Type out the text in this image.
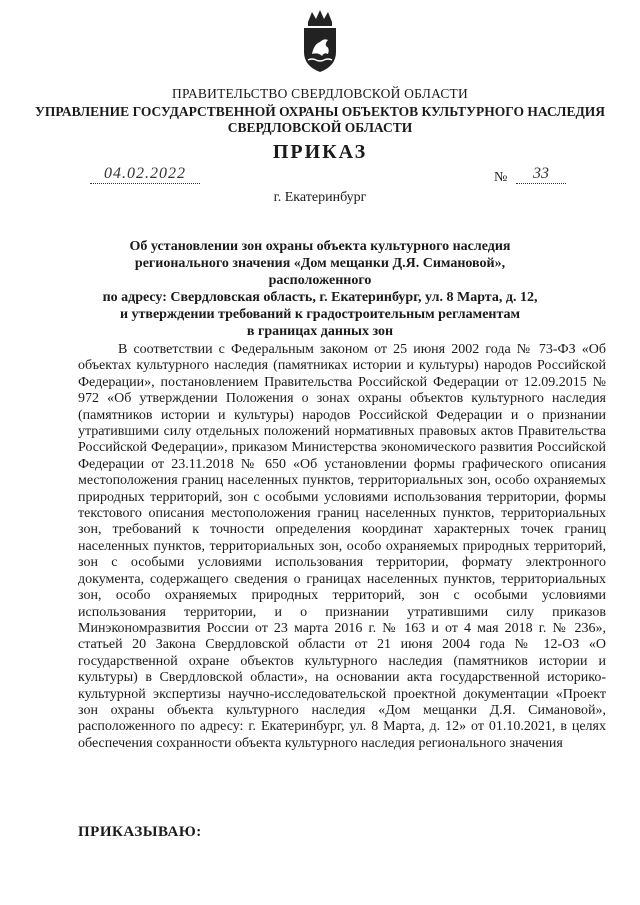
ПРАВИТЕЛЬСТВО СВЕРДЛОВСКОЙ ОБЛАСТИ
УПРАВЛЕНИЕ ГОСУДАРСТВЕННОЙ ОХРАНЫ ОБЪЕКТОВ КУЛЬТУРНОГО НАСЛЕДИЯ
СВЕРДЛОВСКОЙ ОБЛАСТИ
ПРИКАЗ
04.02.2022	№	33
г. Екатеринбург
Об установлении зон охраны объекта культурного наследия
регионального значения «Дом мещанки Д.Я. Симановой», расположенного
по адресу: Свердловская область, г. Екатеринбург, ул. 8 Марта, д. 12,
и утверждении требований к градостроительным регламентам
в границах данных зон

В соответствии с Федеральным законом от 25 июня 2002 года № 73-ФЗ «Об объектах культурного наследия (памятниках истории и культуры) народов Российской Федерации», постановлением Правительства Российской Федерации от 12.09.2015 № 972 «Об утверждении Положения о зонах охраны объектов культурного наследия (памятников истории и культуры) народов Российской Федерации и о признании утратившими силу отдельных положений нормативных правовых актов Правительства Российской Федерации», приказом Министерства экономического развития Российской Федерации от 23.11.2018 № 650 «Об установлении формы графического описания местоположения границ населенных пунктов, территориальных зон, особо охраняемых природных территорий, зон с особыми условиями использования территории, формы текстового описания местоположения границ населенных пунктов, территориальных зон, требований к точности определения координат характерных точек границ населенных пунктов, территориальных зон, особо охраняемых природных территорий, зон с особыми условиями использования территории, формату электронного документа, содержащего сведения о границах населенных пунктов, территориальных зон, особо охраняемых природных территорий, зон с особыми условиями использования территории, и о признании утратившими силу приказов Минэкономразвития России от 23 марта 2016 г. № 163 и от 4 мая 2018 г. № 236», статьей 20 Закона Свердловской области от 21 июня 2004 года № 12-ОЗ «О государственной охране объектов культурного наследия (памятников истории и культуры) в Свердловской области», на основании акта государственной историко-культурной экспертизы научно-исследовательской проектной документации «Проект зон охраны объекта культурного наследия «Дом мещанки Д.Я. Симановой», расположенного по адресу: г. Екатеринбург, ул. 8 Марта, д. 12» от 01.10.2021, в целях обеспечения сохранности объекта культурного наследия регионального значения

ПРИКАЗЫВАЮ:
